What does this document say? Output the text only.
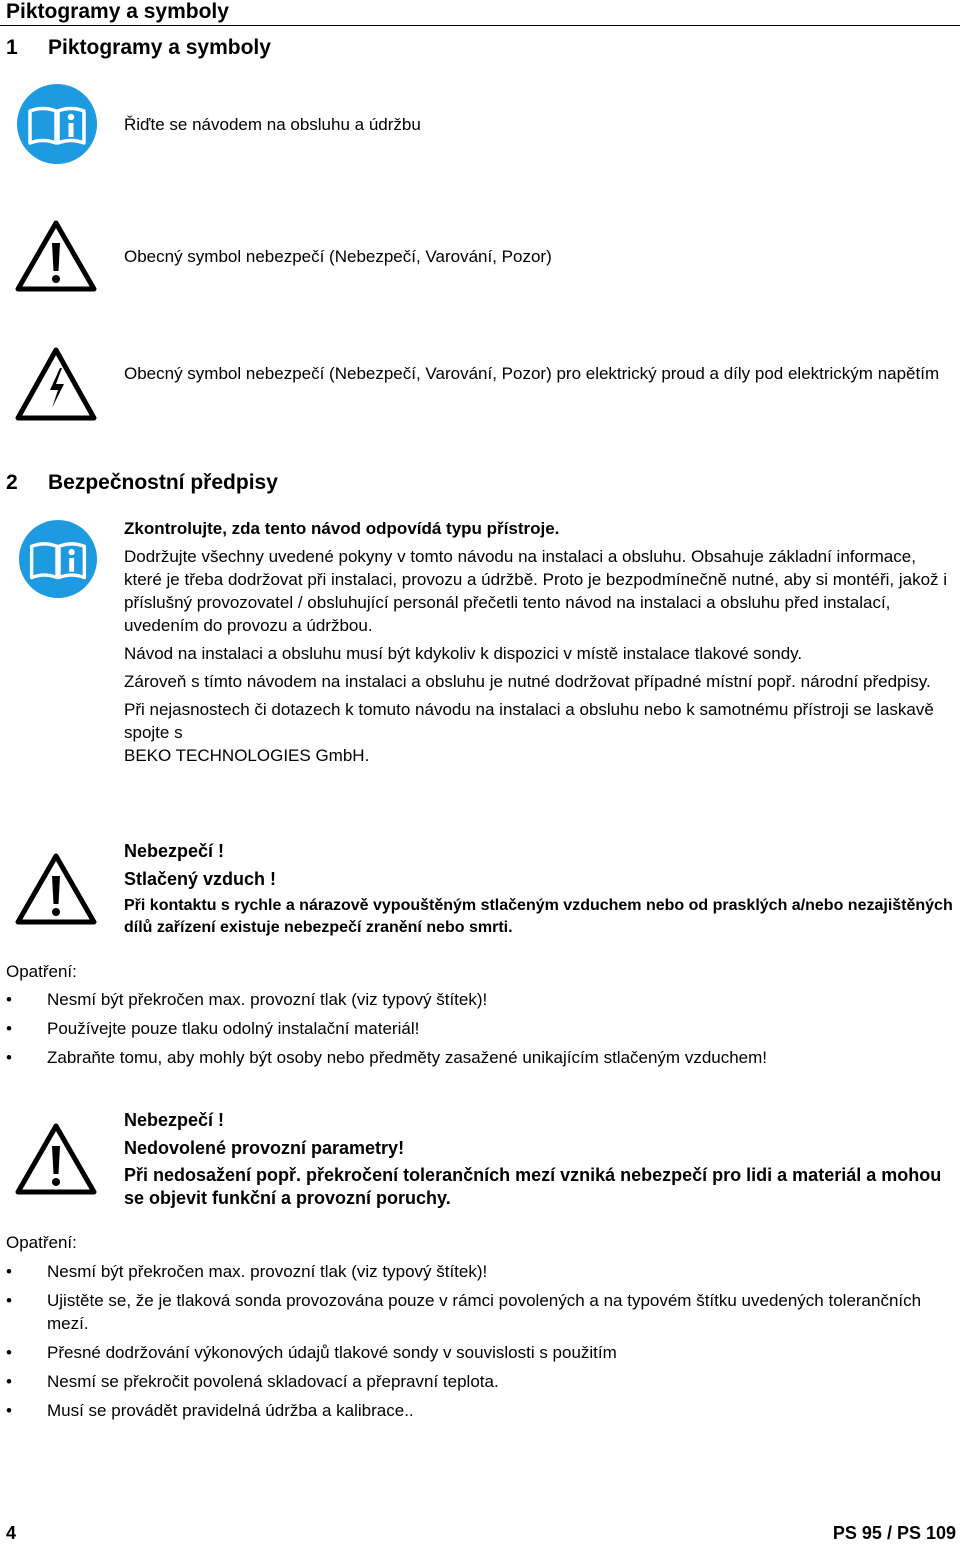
Piktogramy a symboly
1 Piktogramy a symboly
Řiďte se návodem na obsluhu a údržbu
Obecný symbol nebezpečí (Nebezpečí, Varování, Pozor)
Obecný symbol nebezpečí (Nebezpečí, Varování, Pozor) pro elektrický proud a díly pod elektrickým napětím
2 Bezpečnostní předpisy
Zkontrolujte, zda tento návod odpovídá typu přístroje.
Dodržujte všechny uvedené pokyny v tomto návodu na instalaci a obsluhu. Obsahuje základní informace, které je třeba dodržovat při instalaci, provozu a údržbě. Proto je bezpodmínečně nutné, aby si montéři, jakož i příslušný provozovatel / obsluhující personál přečetli tento návod na instalaci a obsluhu před instalací, uvedením do provozu a údržbou.
Návod na instalaci a obsluhu musí být kdykoliv k dispozici v místě instalace tlakové sondy.
Zároveň s tímto návodem na instalaci a obsluhu je nutné dodržovat případné místní popř. národní předpisy.
Při nejasnostech či dotazech k tomuto návodu na instalaci a obsluhu nebo k samotnému přístroji se laskavě spojte s
BEKO TECHNOLOGIES GmbH.
Nebezpečí !
Stlačený vzduch !
Při kontaktu s rychle a nárazově vypouštěným stlačeným vzduchem nebo od prasklých a/nebo nezajištěných dílů zařízení existuje nebezpečí zranění nebo smrti.
Opatření:
• Nesmí být překročen max. provozní tlak (viz typový štítek)!
• Používejte pouze tlaku odolný instalační materiál!
• Zabraňte tomu, aby mohly být osoby nebo předměty zasažené unikajícím stlačeným vzduchem!
Nebezpečí !
Nedovolené provozní parametry!
Při nedosažení popř. překročení tolerančních mezí vzniká nebezpečí pro lidi a materiál a mohou se objevit funkční a provozní poruchy.
Opatření:
• Nesmí být překročen max. provozní tlak (viz typový štítek)!
• Ujistěte se, že je tlaková sonda provozována pouze v rámci povolených a na typovém štítku uvedených tolerančních mezí.
• Přesné dodržování výkonových údajů tlakové sondy v souvislosti s použitím
• Nesmí se překročit povolená skladovací a přepravní teplota.
• Musí se provádět pravidelná údržba a kalibrace..
4	PS 95 / PS 109
